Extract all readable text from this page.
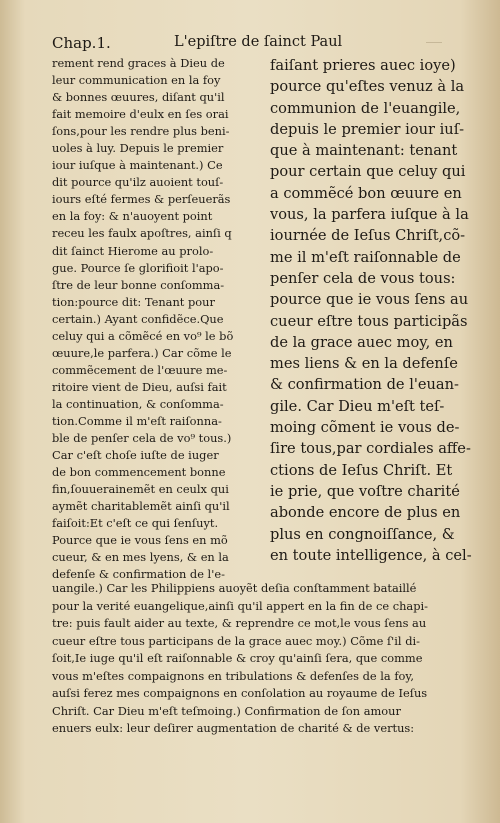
Chap.1.	L'epiſtre de ſainct Paul
rement rend graces à Dieu de
leur communication en la foy
& bonnes œuures, diſant qu'il
fait memoire d'eulx en ſes orai
ſons,pour les rendre plus beni-
uoles à luy. Depuis le premier
iour iuſque à maintenant.) Ce
dit pource qu'ilz auoient touſ-
iours eſté fermes & perſeuerãs
en la foy: & n'auoyent point
receu les faulx apoſtres, ainſi q
dit ſainct Hierome au prolo-
gue. Pource ſe glorifioit l'apo-
ſtre de leur bonne conſomma-
tion:pource dit: Tenant pour
certain.) Ayant confidẽce.Que
celuy qui a cõmẽcé en vo⁹ le bõ
œuure,le parfera.) Car cõme le
commẽcement de l'œuure me-
ritoire vient de Dieu, auſsi fait
la continuation, & conſomma-
tion.Comme il m'eſt raiſonna-
ble de penſer cela de vo⁹ tous.)
Car c'eſt choſe iuſte de iuger
de bon commencement bonne
fin,ſouuerainemẽt en ceulx qui
aymẽt charitablemẽt ainſi qu'il
faiſoit:Et c'eſt ce qui ſenſuyt.
Pource que ie vous ſens en mõ
cueur, & en mes lyens, & en la
defenſe & confirmation de l'e-
faiſant prieres auec ioye)
pource qu'eſtes venuz à la
communion de l'euangile,
depuis le premier iour iuſ-
que à maintenant: tenant
pour certain que celuy qui
a commẽcé bon œuure en
vous, la parfera iuſque à la
iournée de Ieſus Chriſt,cõ-
me il m'eſt raiſonnable de
penſer cela de vous tous:
pource que ie vous ſens au
cueur eſtre tous participãs
de la grace auec moy, en
mes liens & en la defenſe
& confirmation de l'euan-
gile. Car Dieu m'eſt teſ-
moing cõment ie vous de-
ſire tous,par cordiales affe-
ctions de Ieſus Chriſt. Et
ie prie, que voſtre charité
abonde encore de plus en
plus en congnoiſſance, &
en toute intelligence, à cel-
uangile.) Car les Philippiens auoyẽt deſia conſtamment bataillé
pour la verité euangelique,ainſi qu'il appert en la fin de ce chapi-
tre: puis fault aider au texte, & reprendre ce mot,le vous ſens au
cueur eſtre tous participans de la grace auec moy.) Cõme ſ'il di-
ſoit,Ie iuge qu'il eſt raiſonnable & croy qu'ainſi ſera, que comme
vous m'eſtes compaignons en tribulations & defenſes de la foy,
auſsi ferez mes compaignons en conſolation au royaume de Ieſus
Chriſt. Car Dieu m'eſt teſmoing.) Confirmation de ſon amour
enuers eulx: leur deſirer augmentation de charité & de vertus:
